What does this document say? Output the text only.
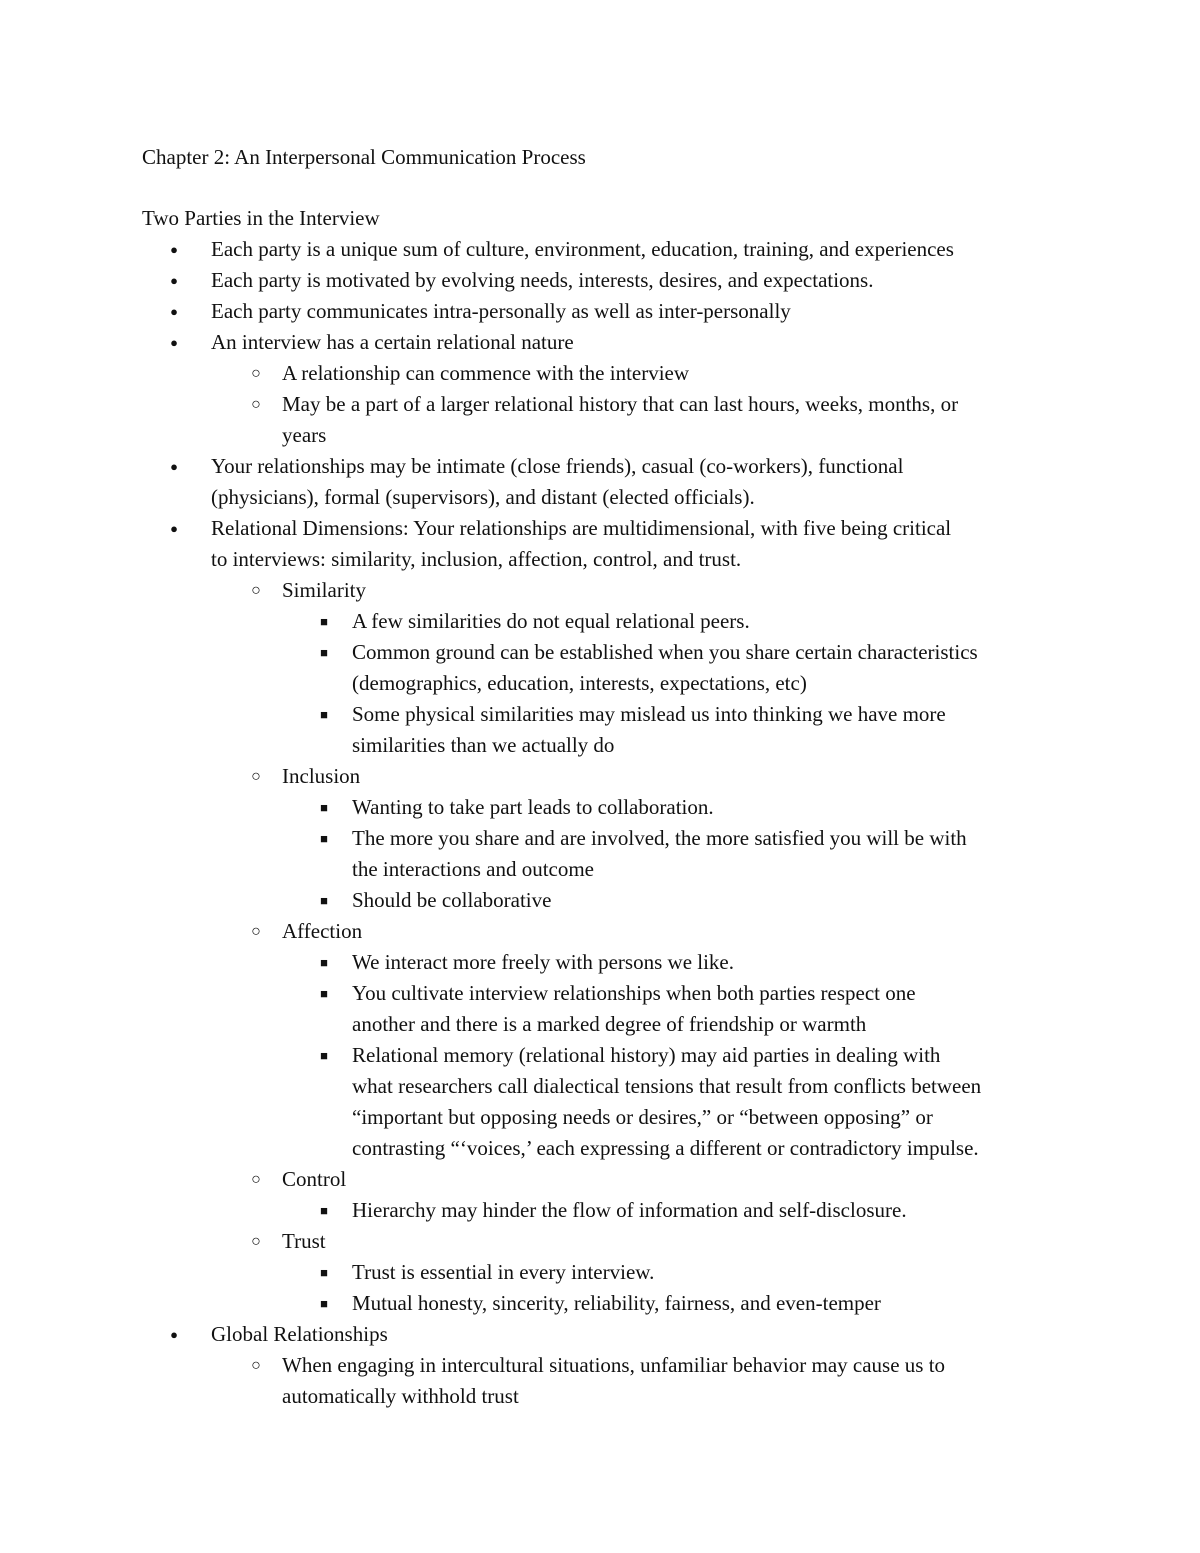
Chapter 2: An Interpersonal Communication Process
Two Parties in the Interview
● Each party is a unique sum of culture, environment, education, training, and experiences
● Each party is motivated by evolving needs, interests, desires, and expectations.
● Each party communicates intra-personally as well as inter-personally
● An interview has a certain relational nature
○ A relationship can commence with the interview
○ May be a part of a larger relational history that can last hours, weeks, months, or
years
● Your relationships may be intimate (close friends), casual (co-workers), functional
(physicians), formal (supervisors), and distant (elected officials).
● Relational Dimensions: Your relationships are multidimensional, with five being critical
to interviews: similarity, inclusion, affection, control, and trust.
○ Similarity
■ A few similarities do not equal relational peers.
■ Common ground can be established when you share certain characteristics
(demographics, education, interests, expectations, etc)
■ Some physical similarities may mislead us into thinking we have more
similarities than we actually do
○ Inclusion
■ Wanting to take part leads to collaboration.
■ The more you share and are involved, the more satisfied you will be with
the interactions and outcome
■ Should be collaborative
○ Affection
■ We interact more freely with persons we like.
■ You cultivate interview relationships when both parties respect one
another and there is a marked degree of friendship or warmth
■ Relational memory (relational history) may aid parties in dealing with
what researchers call dialectical tensions that result from conflicts between
“important but opposing needs or desires,” or “between opposing” or
contrasting “‘voices,’ each expressing a different or contradictory impulse.
○ Control
■ Hierarchy may hinder the flow of information and self-disclosure.
○ Trust
■ Trust is essential in every interview.
■ Mutual honesty, sincerity, reliability, fairness, and even-temper
● Global Relationships
○ When engaging in intercultural situations, unfamiliar behavior may cause us to
automatically withhold trust
